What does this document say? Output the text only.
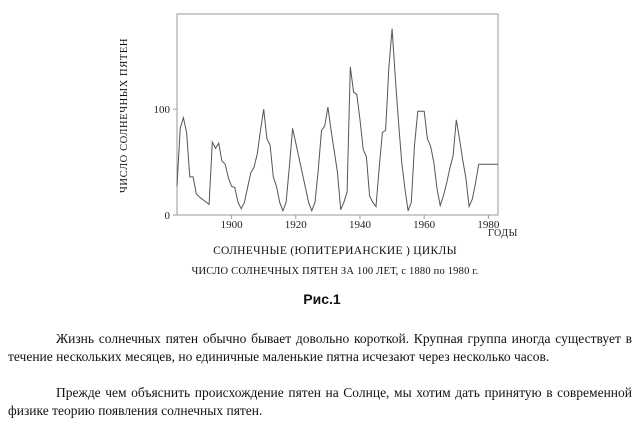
1900	1920	1940	1960	1980
0
100
ГОДЫ
ЧИСЛО СОЛНЕЧНЫХ ПЯТЕН
СОЛНЕЧНЫЕ (ЮПИТЕРИАНСКИЕ ) ЦИКЛЫ
ЧИСЛО СОЛНЕЧНЫХ ПЯТЕН ЗА 100 ЛЕТ, с 1880 по 1980 г.
Рис.1

Жизнь солнечных пятен обычно бывает довольно короткой. Крупная группа иногда существует в течение нескольких месяцев, но единичные маленькие пятна исчезают через несколько часов.

Прежде чем объяснить происхождение пятен на Солнце, мы хотим дать принятую в современной физике теорию появления солнечных пятен.
